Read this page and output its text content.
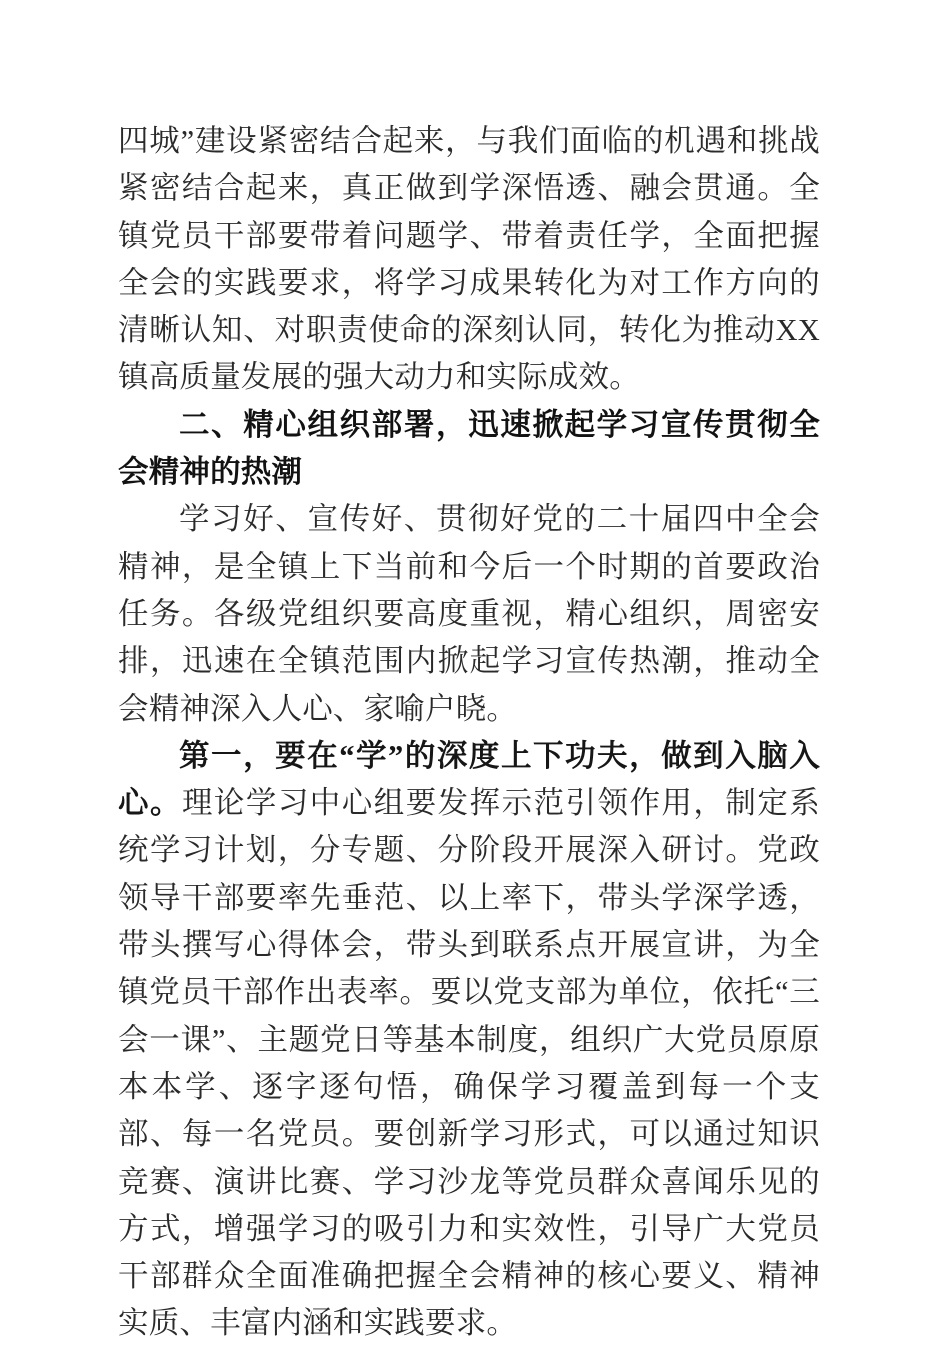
四城”建设紧密结合起来，与我们面临的机遇和挑战紧密结合起来，真正做到学深悟透、融会贯通。全镇党员干部要带着问题学、带着责任学，全面把握全会的实践要求，将学习成果转化为对工作方向的清晰认知、对职责使命的深刻认同，转化为推动XX镇高质量发展的强大动力和实际成效。

二、精心组织部署，迅速掀起学习宣传贯彻全会精神的热潮

学习好、宣传好、贯彻好党的二十届四中全会精神，是全镇上下当前和今后一个时期的首要政治任务。各级党组织要高度重视，精心组织，周密安排，迅速在全镇范围内掀起学习宣传热潮，推动全会精神深入人心、家喻户晓。

第一，要在“学”的深度上下功夫，做到入脑入心。理论学习中心组要发挥示范引领作用，制定系统学习计划，分专题、分阶段开展深入研讨。党政领导干部要率先垂范、以上率下，带头学深学透，带头撰写心得体会，带头到联系点开展宣讲，为全镇党员干部作出表率。要以党支部为单位，依托“三会一课”、主题党日等基本制度，组织广大党员原原本本学、逐字逐句悟，确保学习覆盖到每一个支部、每一名党员。要创新学习形式，可以通过知识竞赛、演讲比赛、学习沙龙等党员群众喜闻乐见的方式，增强学习的吸引力和实效性，引导广大党员干部群众全面准确把握全会精神的核心要义、精神实质、丰富内涵和实践要求。
